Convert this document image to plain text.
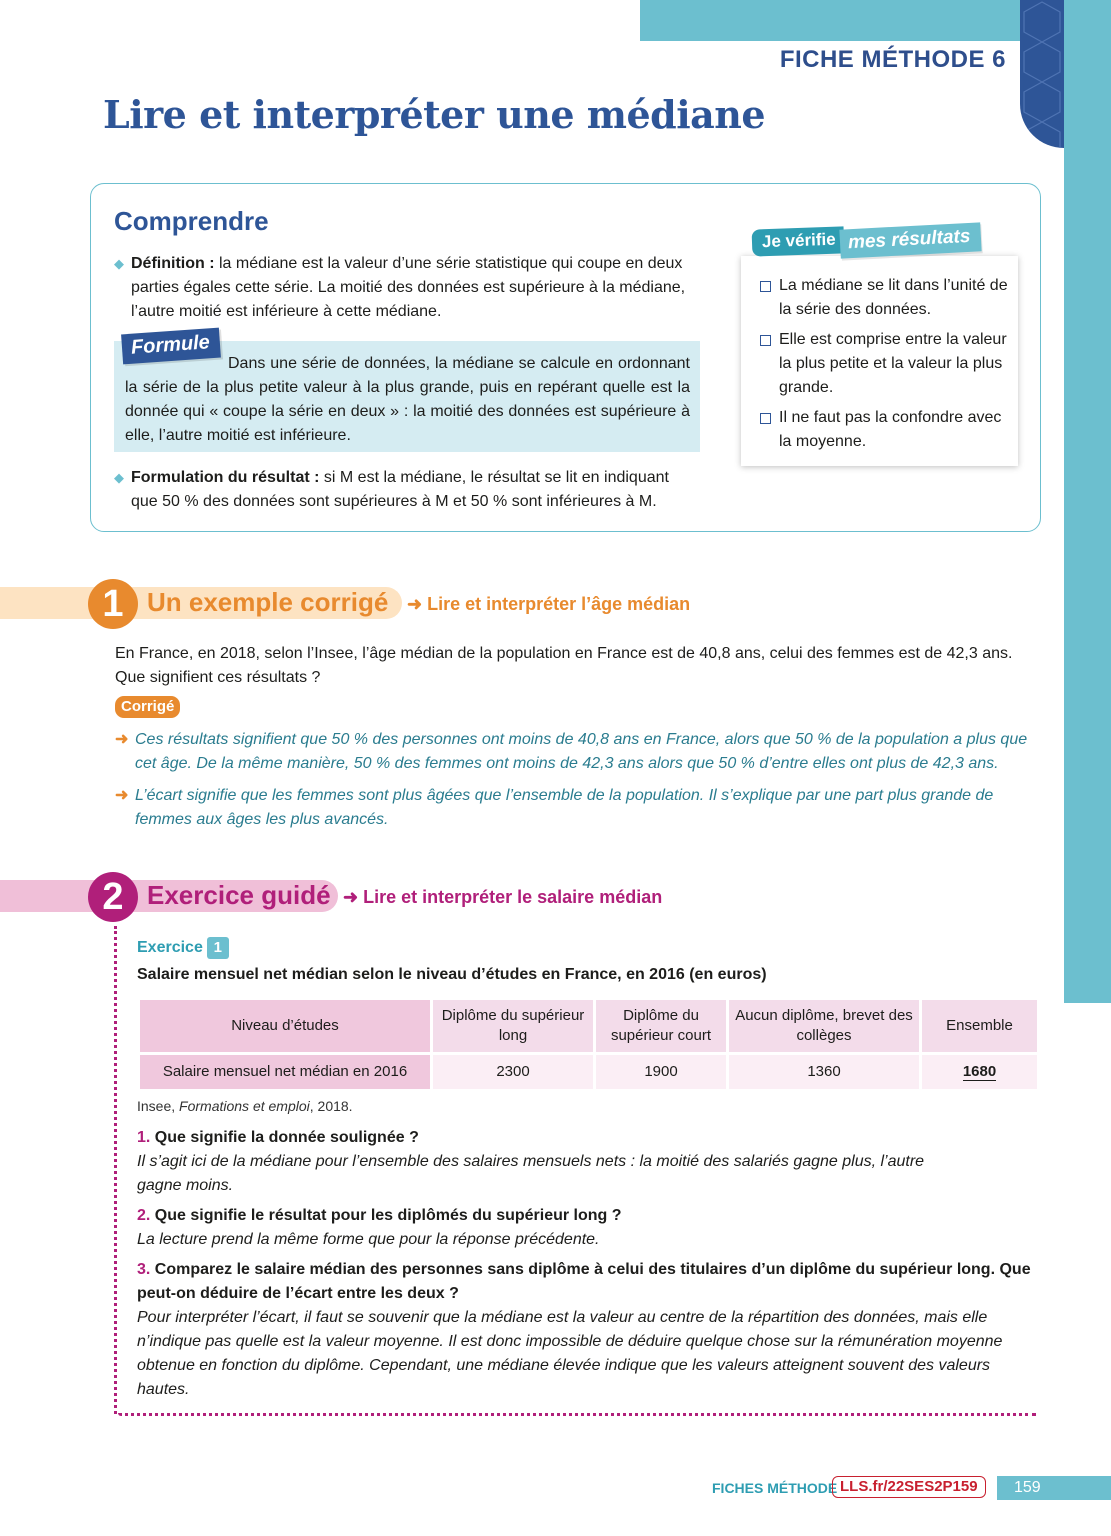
FICHE MÉTHODE 6
Lire et interpréter une médiane
Comprendre
◆ Définition : la médiane est la valeur d’une série statistique qui coupe en deux
parties égales cette série. La moitié des données est supérieure à la médiane,
l’autre moitié est inférieure à cette médiane.
Formule
Dans une série de données, la médiane se calcule en ordonnant la série de la plus petite valeur à la plus grande, puis en repérant quelle est la donnée qui « coupe la série en deux » : la moitié des données est supérieure à elle, l’autre moitié est inférieure.
◆ Formulation du résultat : si M est la médiane, le résultat se lit en indiquant
que 50 % des données sont supérieures à M et 50 % sont inférieures à M.
Je vérifie mes résultats
La médiane se lit dans l’unité de la série des données.
Elle est comprise entre la valeur la plus petite et la valeur la plus grande.
Il ne faut pas la confondre avec la moyenne.
1 Un exemple corrigé ➜ Lire et interpréter l’âge médian
En France, en 2018, selon l’Insee, l’âge médian de la population en France est de 40,8 ans, celui des femmes est de 42,3 ans.
Que signifient ces résultats ?
Corrigé
➜ Ces résultats signifient que 50 % des personnes ont moins de 40,8 ans en France, alors que 50 % de la population a plus que cet âge. De la même manière, 50 % des femmes ont moins de 42,3 ans alors que 50 % d’entre elles ont plus de 42,3 ans.
➜ L’écart signifie que les femmes sont plus âgées que l’ensemble de la population. Il s’explique par une part plus grande de femmes aux âges les plus avancés.
2 Exercice guidé ➜ Lire et interpréter le salaire médian
Exercice 1
Salaire mensuel net médian selon le niveau d’études en France, en 2016 (en euros)
Niveau d’études	Diplôme du supérieur long	Diplôme du supérieur court	Aucun diplôme, brevet des collèges	Ensemble
Salaire mensuel net médian en 2016	2300	1900	1360	1680
Insee, Formations et emploi, 2018.
1. Que signifie la donnée soulignée ?
Il s’agit ici de la médiane pour l’ensemble des salaires mensuels nets : la moitié des salariés gagne plus, l’autre gagne moins.
2. Que signifie le résultat pour les diplômés du supérieur long ?
La lecture prend la même forme que pour la réponse précédente.
3. Comparez le salaire médian des personnes sans diplôme à celui des titulaires d’un diplôme du supérieur long. Que peut-on déduire de l’écart entre les deux ?
Pour interpréter l’écart, il faut se souvenir que la médiane est la valeur au centre de la répartition des données, mais elle n’indique pas quelle est la valeur moyenne. Il est donc impossible de déduire quelque chose sur la rémunération moyenne obtenue en fonction du diplôme. Cependant, une médiane élevée indique que les valeurs atteignent souvent des valeurs hautes.
FICHES MÉTHODE LLS.fr/22SES2P159	159
